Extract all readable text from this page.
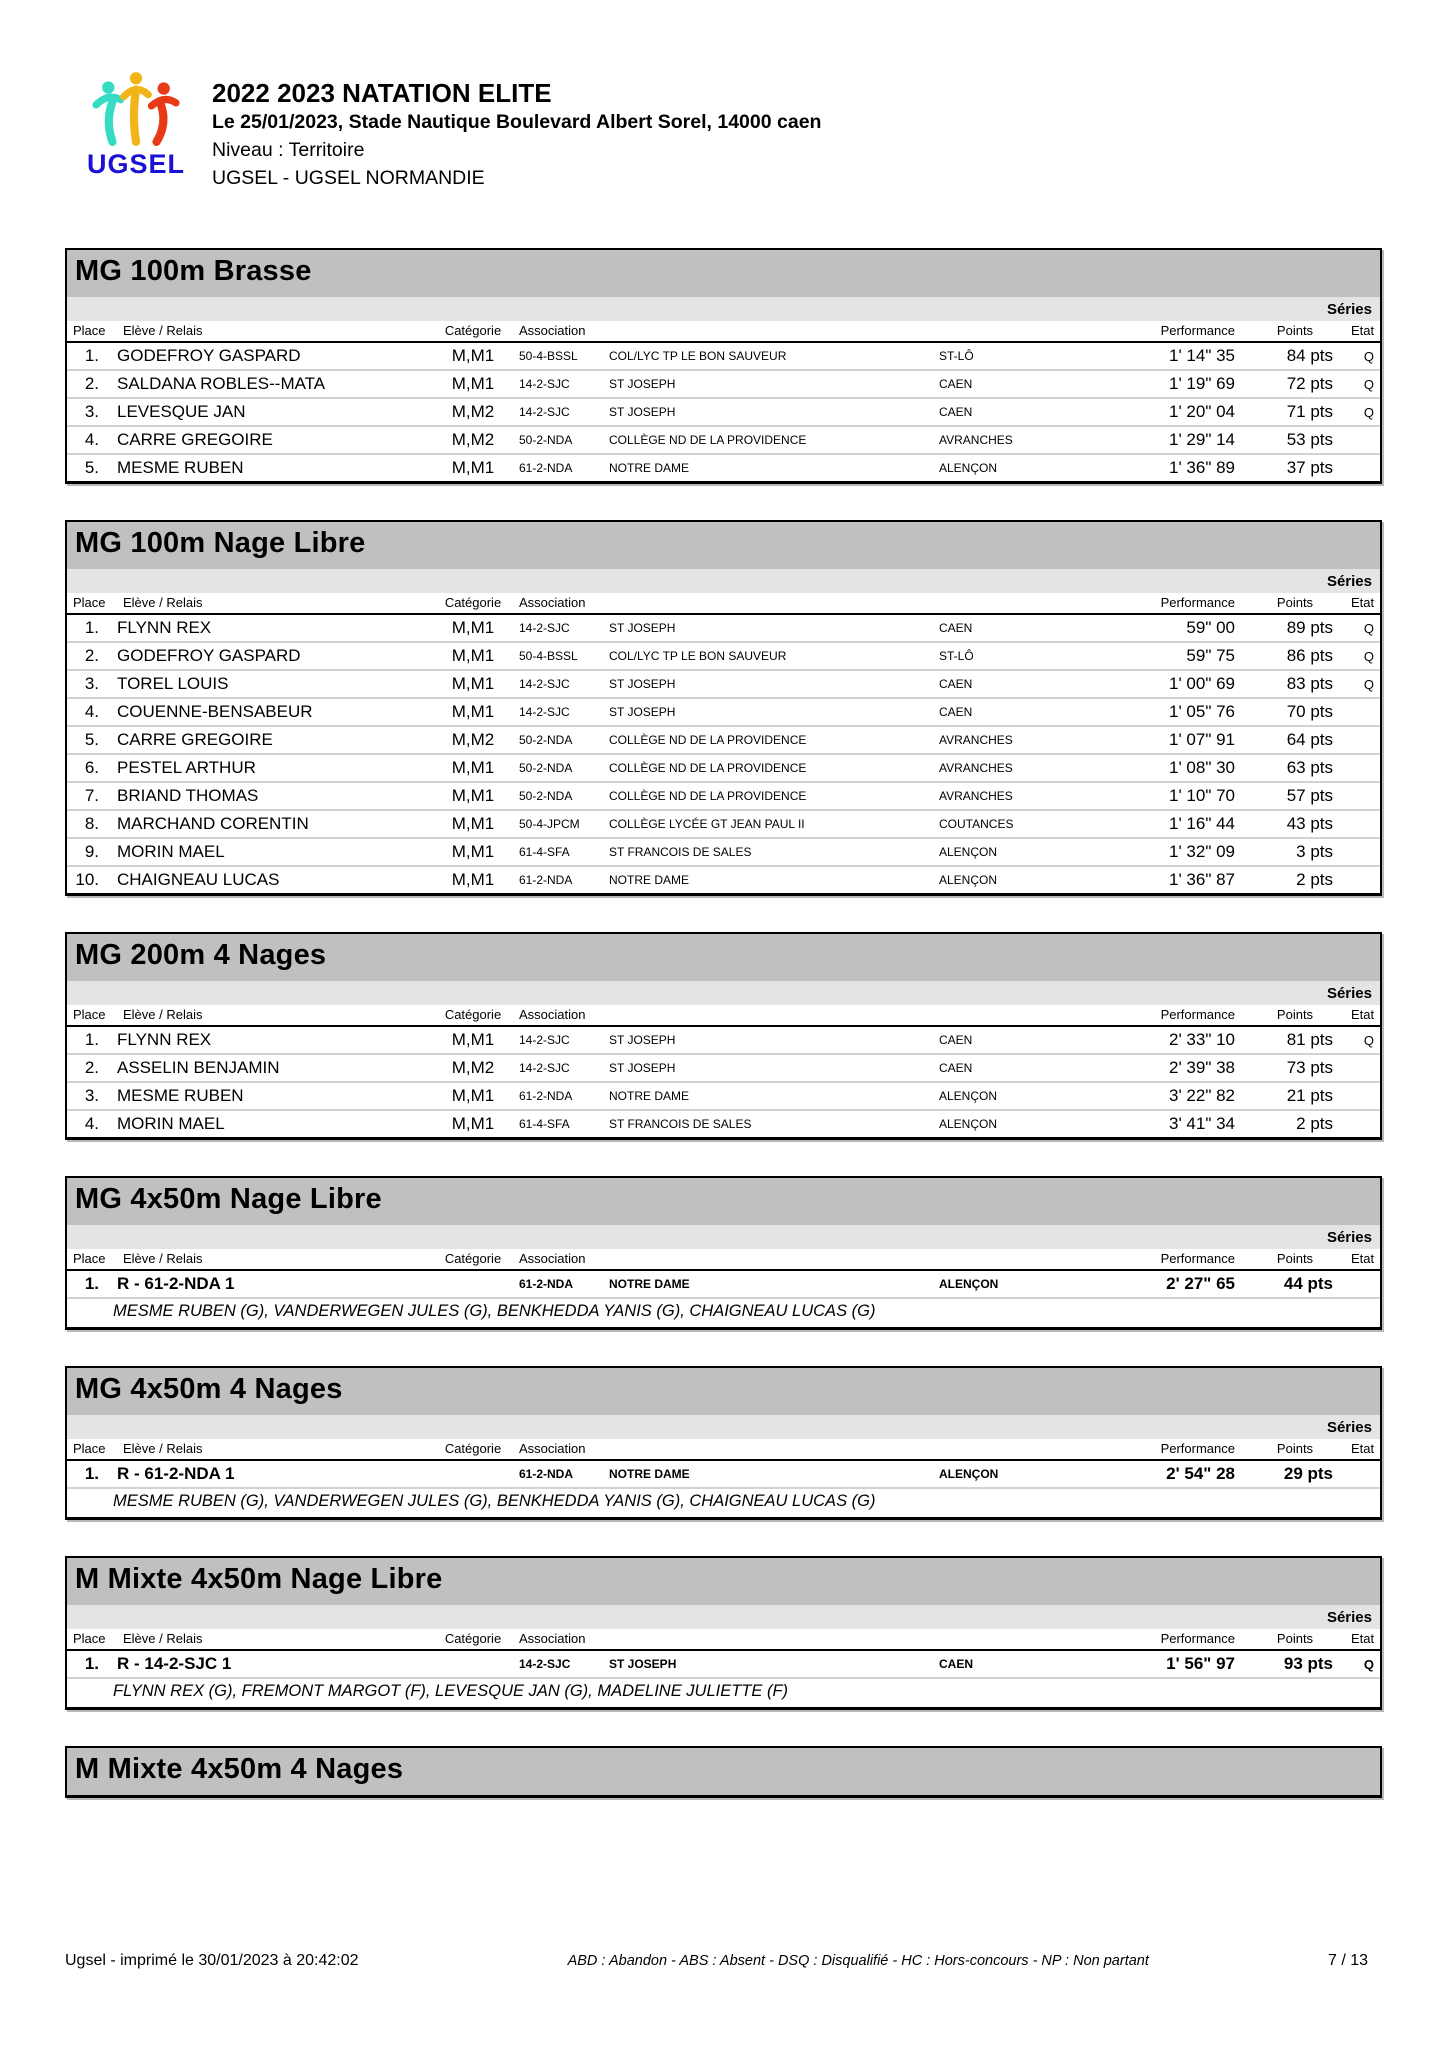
UGSEL
2022 2023 NATATION ELITE
Le 25/01/2023, Stade Nautique Boulevard Albert Sorel, 14000 caen
Niveau : Territoire
UGSEL - UGSEL NORMANDIE
MG 100m Brasse
Séries
Place	Elève / Relais	Catégorie	Association	Performance	Points	Etat
1.	GODEFROY GASPARD	M,M1	50-4-BSSL	COL/LYC TP LE BON SAUVEUR	ST-LÔ	1' 14" 35	84 pts	Q
2.	SALDANA ROBLES--MATA	M,M1	14-2-SJC	ST JOSEPH	CAEN	1' 19" 69	72 pts	Q
3.	LEVESQUE JAN	M,M2	14-2-SJC	ST JOSEPH	CAEN	1' 20" 04	71 pts	Q
4.	CARRE GREGOIRE	M,M2	50-2-NDA	COLLÈGE ND DE LA PROVIDENCE	AVRANCHES	1' 29" 14	53 pts
5.	MESME RUBEN	M,M1	61-2-NDA	NOTRE DAME	ALENÇON	1' 36" 89	37 pts
MG 100m Nage Libre
Séries
Place	Elève / Relais	Catégorie	Association	Performance	Points	Etat
1.	FLYNN REX	M,M1	14-2-SJC	ST JOSEPH	CAEN	59" 00	89 pts	Q
2.	GODEFROY GASPARD	M,M1	50-4-BSSL	COL/LYC TP LE BON SAUVEUR	ST-LÔ	59" 75	86 pts	Q
3.	TOREL LOUIS	M,M1	14-2-SJC	ST JOSEPH	CAEN	1' 00" 69	83 pts	Q
4.	COUENNE-BENSABEUR	M,M1	14-2-SJC	ST JOSEPH	CAEN	1' 05" 76	70 pts
5.	CARRE GREGOIRE	M,M2	50-2-NDA	COLLÈGE ND DE LA PROVIDENCE	AVRANCHES	1' 07" 91	64 pts
6.	PESTEL ARTHUR	M,M1	50-2-NDA	COLLÈGE ND DE LA PROVIDENCE	AVRANCHES	1' 08" 30	63 pts
7.	BRIAND THOMAS	M,M1	50-2-NDA	COLLÈGE ND DE LA PROVIDENCE	AVRANCHES	1' 10" 70	57 pts
8.	MARCHAND CORENTIN	M,M1	50-4-JPCM	COLLÈGE LYCÉE GT JEAN PAUL II	COUTANCES	1' 16" 44	43 pts
9.	MORIN MAEL	M,M1	61-4-SFA	ST FRANCOIS DE SALES	ALENÇON	1' 32" 09	3 pts
10.	CHAIGNEAU LUCAS	M,M1	61-2-NDA	NOTRE DAME	ALENÇON	1' 36" 87	2 pts
MG 200m 4 Nages
Séries
Place	Elève / Relais	Catégorie	Association	Performance	Points	Etat
1.	FLYNN REX	M,M1	14-2-SJC	ST JOSEPH	CAEN	2' 33" 10	81 pts	Q
2.	ASSELIN BENJAMIN	M,M2	14-2-SJC	ST JOSEPH	CAEN	2' 39" 38	73 pts
3.	MESME RUBEN	M,M1	61-2-NDA	NOTRE DAME	ALENÇON	3' 22" 82	21 pts
4.	MORIN MAEL	M,M1	61-4-SFA	ST FRANCOIS DE SALES	ALENÇON	3' 41" 34	2 pts
MG 4x50m Nage Libre
Séries
Place	Elève / Relais	Catégorie	Association	Performance	Points	Etat
1.	R - 61-2-NDA 1	61-2-NDA	NOTRE DAME	ALENÇON	2' 27" 65	44 pts
MESME RUBEN (G), VANDERWEGEN JULES (G), BENKHEDDA YANIS (G), CHAIGNEAU LUCAS (G)
MG 4x50m 4 Nages
Séries
Place	Elève / Relais	Catégorie	Association	Performance	Points	Etat
1.	R - 61-2-NDA 1	61-2-NDA	NOTRE DAME	ALENÇON	2' 54" 28	29 pts
MESME RUBEN (G), VANDERWEGEN JULES (G), BENKHEDDA YANIS (G), CHAIGNEAU LUCAS (G)
M Mixte 4x50m Nage Libre
Séries
Place	Elève / Relais	Catégorie	Association	Performance	Points	Etat
1.	R - 14-2-SJC 1	14-2-SJC	ST JOSEPH	CAEN	1' 56" 97	93 pts	Q
FLYNN REX (G), FREMONT MARGOT (F), LEVESQUE JAN (G), MADELINE JULIETTE (F)
M Mixte 4x50m 4 Nages
Ugsel - imprimé le 30/01/2023 à 20:42:02	ABD : Abandon - ABS : Absent - DSQ : Disqualifié - HC : Hors-concours - NP : Non partant	7 / 13
